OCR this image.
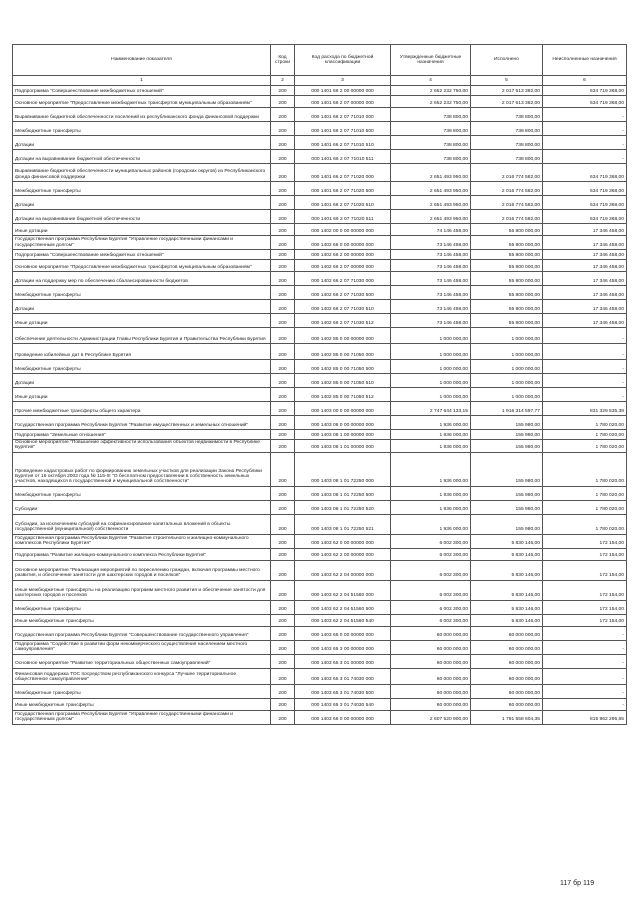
Наименование показателя	Код строки	Код расхода по бюджетной классификации	Утвержденные бюджетные назначения	Исполнено	Неисполненные назначения
1	2	3	4	5	6
Подпрограмма "Совершенствование межбюджетных отношений"	200	000 1401 66 2 00 00000 000	2 652 232 750,00	2 017 513 382,00	634 719 368,00
Основное мероприятие "Предоставление межбюджетных трансфертов муниципальным образованиям"	200	000 1401 66 2 07 00000 000	2 652 232 750,00	2 017 513 382,00	634 719 368,00
Выравнивание бюджетной обеспеченности поселений из республиканского фонда финансовой поддержки	200	000 1401 66 2 07 71010 000	738 800,00	738 800,00	-
Межбюджетные трансферты	200	000 1401 66 2 07 71010 500	738 800,00	738 800,00	-
Дотации	200	000 1401 66 2 07 71010 510	738 800,00	738 800,00	-
Дотации на выравнивание бюджетной обеспеченности	200	000 1401 66 2 07 71010 511	738 800,00	738 800,00	-
Выравнивание бюджетной обеспеченности муниципальных районов (городских округов) из Республиканского фонда финансовой поддержки	200	000 1401 66 2 07 71020 000	2 651 493 950,00	2 016 774 582,00	634 719 368,00
Межбюджетные трансферты	200	000 1401 66 2 07 71020 500	2 651 493 950,00	2 016 774 582,00	634 719 368,00
Дотации	200	000 1401 66 2 07 71020 510	2 651 493 950,00	2 016 774 582,00	634 719 368,00
Дотации на выравнивание бюджетной обеспеченности	200	000 1401 66 2 07 71020 511	2 651 493 950,00	2 016 774 582,00	634 719 368,00
Иные дотации	200	000 1402 00 0 00 00000 000	74 146 458,00	56 800 000,00	17 346 458,00
Государственная программа Республики Бурятия "Управление государственными финансами и государственным долгом"	200	000 1402 66 0 00 00000 000	73 146 458,00	55 800 000,00	17 346 458,00
Подпрограмма "Совершенствование межбюджетных отношений"	200	000 1402 66 2 00 00000 000	73 146 458,00	55 800 000,00	17 346 458,00
Основное мероприятие "Предоставление межбюджетных трансфертов муниципальным образованиям"	200	000 1402 66 2 07 00000 000	73 146 458,00	55 800 000,00	17 346 458,00
Дотации на поддержку мер по обеспечению сбалансированности бюджетов	200	000 1402 66 2 07 71030 000	73 146 458,00	55 800 000,00	17 346 458,00
Межбюджетные трансферты	200	000 1402 66 2 07 71030 500	73 146 458,00	55 800 000,00	17 346 458,00
Дотации	200	000 1402 66 2 07 71030 510	73 146 458,00	55 800 000,00	17 346 458,00
Иные дотации	200	000 1402 66 2 07 71030 512	73 146 458,00	55 800 000,00	17 346 458,00
Обеспечение деятельности Администрации Главы Республики Бурятия и Правительства Республики Бурятия	200	000 1402 85 0 00 00000 000	1 000 000,00	1 000 000,00	-
Проведение юбилейных дат в Республике Бурятия	200	000 1402 85 0 00 71050 000	1 000 000,00	1 000 000,00	-
Межбюджетные трансферты	200	000 1402 85 0 00 71050 500	1 000 000,00	1 000 000,00	-
Дотации	200	000 1402 85 0 00 71050 510	1 000 000,00	1 000 000,00	-
Иные дотации	200	000 1402 85 0 00 71050 512	1 000 000,00	1 000 000,00	-
Прочие межбюджетные трансферты общего характера	200	000 1403 00 0 00 00000 000	2 747 644 133,15	1 916 314 597,77	831 329 535,38
Государственная программа Республики Бурятия "Развитие имущественных и земельных отношений"	200	000 1403 08 0 00 00000 000	1 936 000,00	155 980,00	1 780 020,00
Подпрограмма "Земельные отношения"	200	000 1403 08 1 00 00000 000	1 936 000,00	155 980,00	1 780 020,00
Основное мероприятие "Повышение эффективности использования объектов недвижимости в Республике Бурятия"	200	000 1403 08 1 01 00000 000	1 936 000,00	155 980,00	1 780 020,00
Проведение кадастровых работ по формированию земельных участков для реализации Закона Республики Бурятия от 16 октября 2002 года № 115-III "О бесплатном предоставлении в собственность земельных участков, находящихся в государственной и муниципальной собственности"	200	000 1403 08 1 01 72250 000	1 936 000,00	155 980,00	1 780 020,00
Межбюджетные трансферты	200	000 1403 08 1 01 72250 500	1 936 000,00	155 980,00	1 780 020,00
Субсидии	200	000 1403 08 1 01 72250 520	1 936 000,00	155 980,00	1 780 020,00
Субсидии, за исключением субсидий на софинансирование капитальных вложений в объекты государственной (муниципальной) собственности	200	000 1403 08 1 01 72250 521	1 936 000,00	155 980,00	1 780 020,00
Государственная программа Республики Бурятия "Развитие строительного и жилищно-коммунального комплексов Республики Бурятия"	200	000 1403 62 0 00 00000 000	6 002 300,00	5 830 146,00	172 154,00
Подпрограмма "Развитие жилищно-коммунального комплекса Республики Бурятия"	200	000 1403 62 2 00 00000 000	6 002 300,00	5 830 146,00	172 154,00
Основное мероприятие "Реализация мероприятий по переселению граждан, включая программы местного развития, и обеспечение занятости для шахтерских городов и поселков"	200	000 1403 62 2 04 00000 000	6 002 300,00	5 830 146,00	172 154,00
Иные межбюджетные трансферты на реализацию программ местного развития и обеспечение занятости для шахтерских городов и поселков	200	000 1403 62 2 04 51560 000	6 002 300,00	5 830 146,00	172 154,00
Межбюджетные трансферты	200	000 1403 62 2 04 51560 500	6 002 300,00	5 830 146,00	172 154,00
Иные межбюджетные трансферты	200	000 1403 62 2 04 51560 540	6 002 300,00	5 830 146,00	172 154,00
Государственная программа Республики Бурятия "Совершенствование государственного управления"	200	000 1403 65 0 00 00000 000	60 000 000,00	60 000 000,00	-
Подпрограмма "Содействие в развитии форм некоммерческого осуществления населением местного самоуправления"	200	000 1403 65 3 00 00000 000	60 000 000,00	60 000 000,00	-
Основное мероприятие "Развитие территориальных общественных самоуправлений"	200	000 1403 65 3 01 00000 000	60 000 000,00	60 000 000,00	-
Финансовая поддержка ТОС посредством республиканского конкурса "Лучшее территориальное общественное самоуправление"	200	000 1403 65 3 01 74030 000	60 000 000,00	60 000 000,00	-
Межбюджетные трансферты	200	000 1403 65 3 01 74030 500	60 000 000,00	60 000 000,00	-
Иные межбюджетные трансферты	200	000 1403 65 3 01 74030 540	60 000 000,00	60 000 000,00	-
Государственная программа Республики Бурятия "Управление государственными финансами и государственным долгом"	200	000 1403 66 0 00 00000 000	2 607 520 900,00	1 791 558 604,35	815 962 295,65
117 бр 119
